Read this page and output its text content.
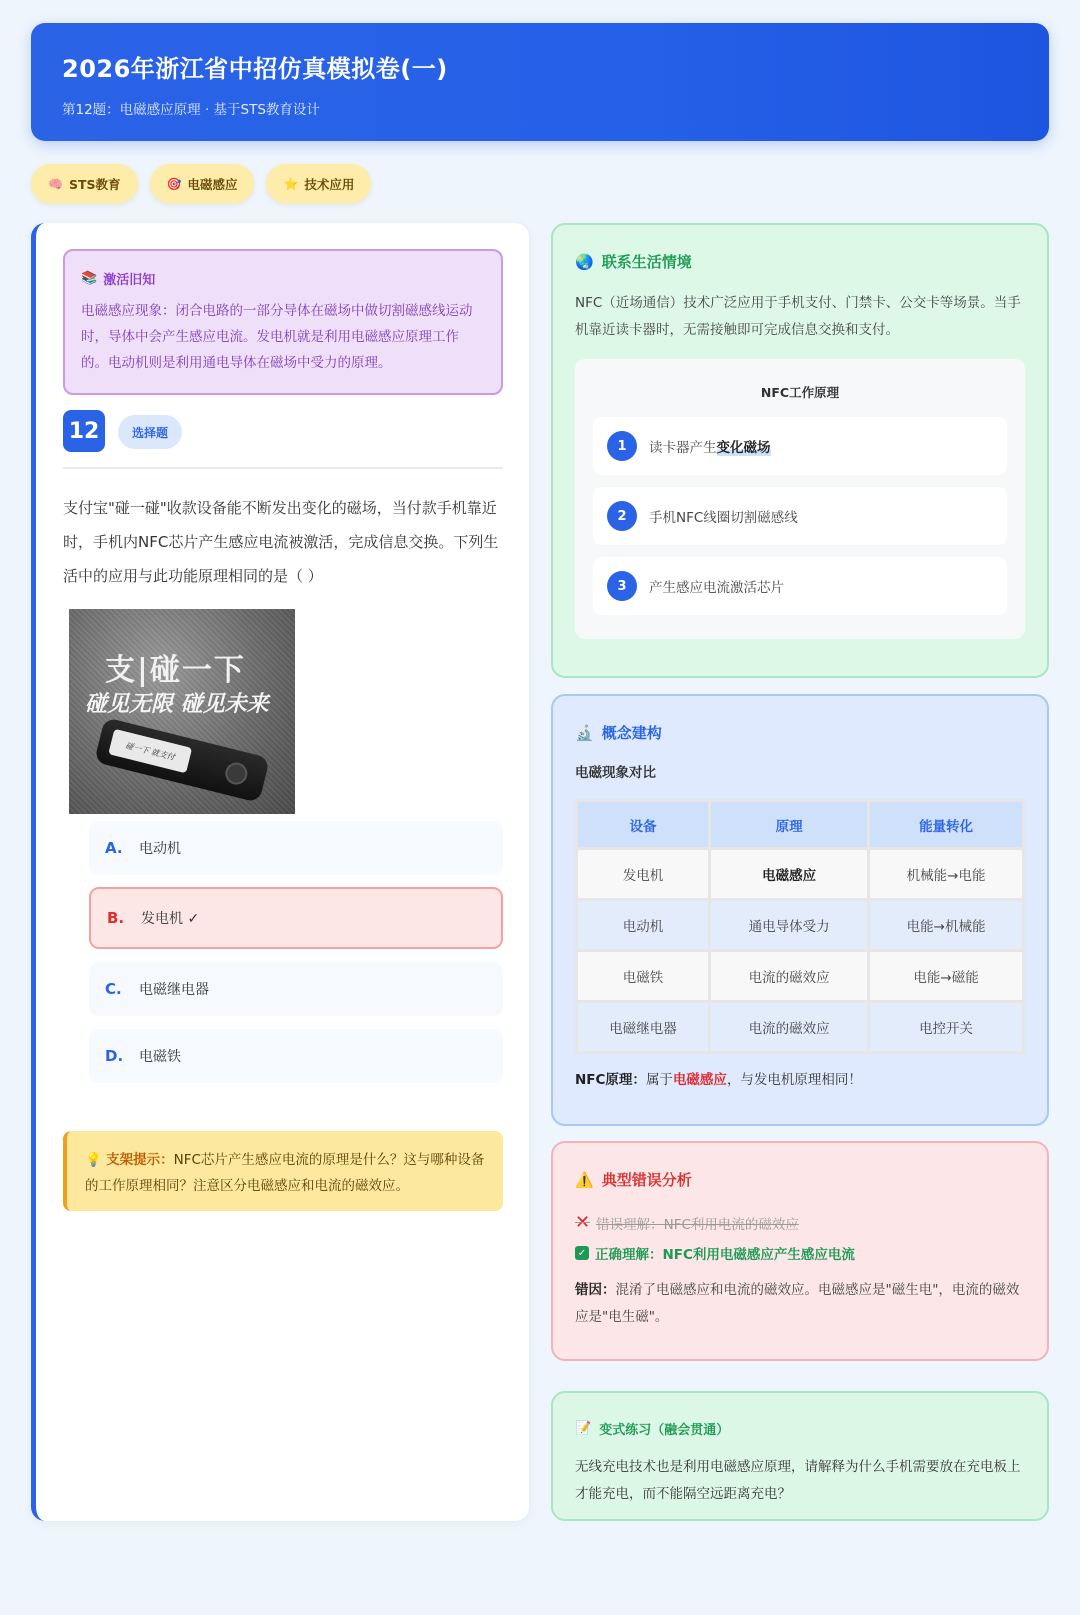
2026年浙江省中招仿真模拟卷(一)
第12题：电磁感应原理 · 基于STS教育设计
🧠 STS教育	🎯 电磁感应	⭐ 技术应用
📚 激活旧知
电磁感应现象：闭合电路的一部分导体在磁场中做切割磁感线运动时，导体中会产生感应电流。发电机就是利用电磁感应原理工作的。电动机则是利用通电导体在磁场中受力的原理。
12	选择题
支付宝"碰一碰"收款设备能不断发出变化的磁场，当付款手机靠近时，手机内NFC芯片产生感应电流被激活，完成信息交换。下列生活中的应用与此功能原理相同的是（ ）
支|碰一下
碰见无限 碰见未来
碰一下 就支付
A.	电动机
B.	发电机 ✓
C.	电磁继电器
D.	电磁铁
💡 支架提示：NFC芯片产生感应电流的原理是什么？这与哪种设备的工作原理相同？注意区分电磁感应和电流的磁效应。
🌏 联系生活情境
NFC（近场通信）技术广泛应用于手机支付、门禁卡、公交卡等场景。当手机靠近读卡器时，无需接触即可完成信息交换和支付。
NFC工作原理
1	读卡器产生变化磁场
2	手机NFC线圈切割磁感线
3	产生感应电流激活芯片
🔬 概念建构
电磁现象对比
设备	原理	能量转化
发电机	电磁感应	机械能→电能
电动机	通电导体受力	电能→机械能
电磁铁	电流的磁效应	电能→磁能
电磁继电器	电流的磁效应	电控开关
NFC原理：属于电磁感应，与发电机原理相同！
⚠️ 典型错误分析
✕ 错误理解：NFC利用电流的磁效应
✓ 正确理解：NFC利用电磁感应产生感应电流
错因：混淆了电磁感应和电流的磁效应。电磁感应是"磁生电"，电流的磁效应是"电生磁"。
📝 变式练习（融会贯通）
无线充电技术也是利用电磁感应原理，请解释为什么手机需要放在充电板上才能充电，而不能隔空远距离充电？
